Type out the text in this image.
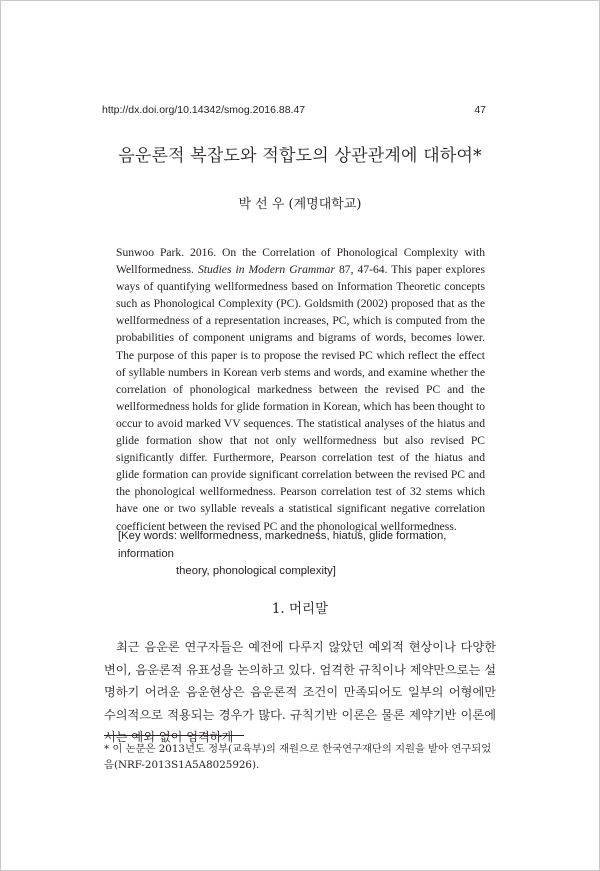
http://dx.doi.org/10.14342/smog.2016.88.47	47
음운론적 복잡도와 적합도의 상관관계에 대하여*
박 선 우 (계명대학교)
Sunwoo Park. 2016. On the Correlation of Phonological Complexity with Wellformedness. Studies in Modern Grammar 87, 47-64. This paper explores ways of quantifying wellformedness based on Information Theoretic concepts such as Phonological Complexity (PC). Goldsmith (2002) proposed that as the wellformedness of a representation increases, PC, which is computed from the probabilities of component unigrams and bigrams of words, becomes lower. The purpose of this paper is to propose the revised PC which reflect the effect of syllable numbers in Korean verb stems and words, and examine whether the correlation of phonological markedness between the revised PC and the wellformedness holds for glide formation in Korean, which has been thought to occur to avoid marked VV sequences. The statistical analyses of the hiatus and glide formation show that not only wellformedness but also revised PC significantly differ. Furthermore, Pearson correlation test of the hiatus and glide formation can provide significant correlation between the revised PC and the phonological wellformedness. Pearson correlation test of 32 stems which have one or two syllable reveals a statistical significant negative correlation coefficient between the revised PC and the phonological wellformedness.
[Key words: wellformedness, markedness, hiatus, glide formation, information
theory, phonological complexity]
1. 머리말
최근 음운론 연구자들은 예전에 다루지 않았던 예외적 현상이나 다양한 변이, 음운론적 유표성을 논의하고 있다. 엄격한 규칙이나 제약만으로는 설명하기 어려운 음운현상은 음운론적 조건이 만족되어도 일부의 어형에만 수의적으로 적용되는 경우가 많다. 규칙기반 이론은 물론 제약기반 이론에서는 예외 없이 엄격하게
* 이 논문은 2013년도 정부(교육부)의 재원으로 한국연구재단의 지원을 받아 연구되었음(NRF-2013S1A5A8025926).
